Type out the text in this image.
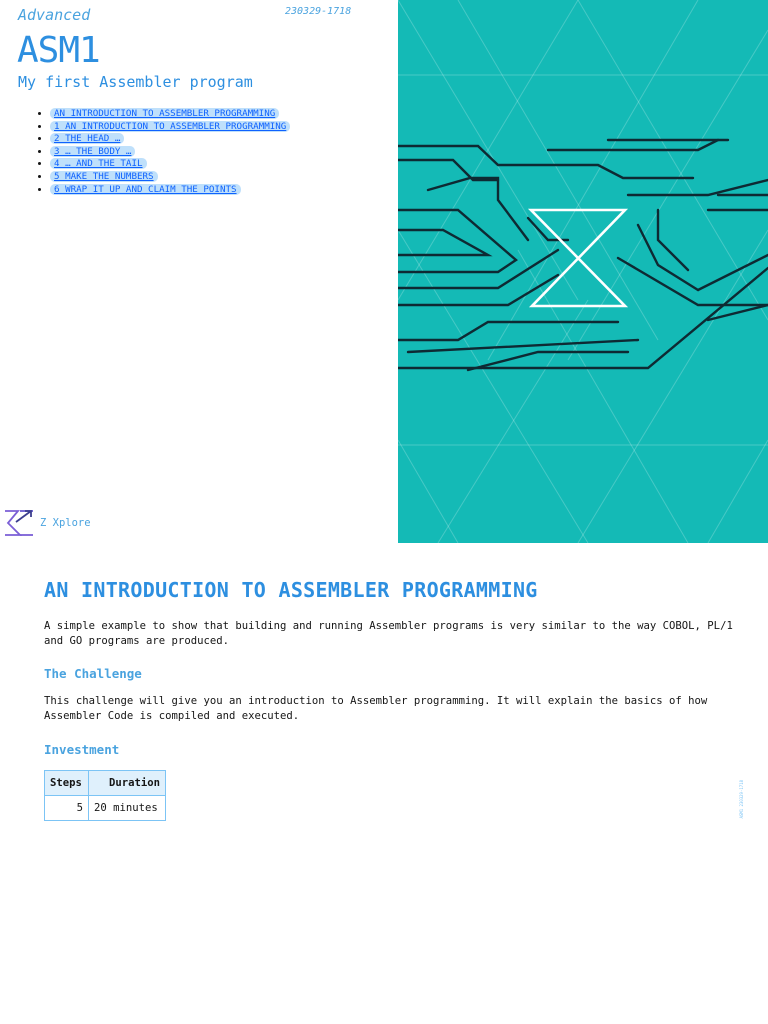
Advanced	230329-1718
ASM1
My first Assembler program
• AN INTRODUCTION TO ASSEMBLER PROGRAMMING
• 1 AN INTRODUCTION TO ASSEMBLER PROGRAMMING
• 2 THE HEAD …
• 3 … THE BODY …
• 4 … AND THE TAIL
• 5 MAKE THE NUMBERS
• 6 WRAP IT UP AND CLAIM THE POINTS
Z Xplore
AN INTRODUCTION TO ASSEMBLER PROGRAMMING
A simple example to show that building and running Assembler programs is very similar to the way COBOL, PL/1 and GO programs are produced.
The Challenge
This challenge will give you an introduction to Assembler programming. It will explain the basics of how Assembler Code is compiled and executed.
Investment
Steps	Duration
5	20 minutes	ASM1 230329-1718
